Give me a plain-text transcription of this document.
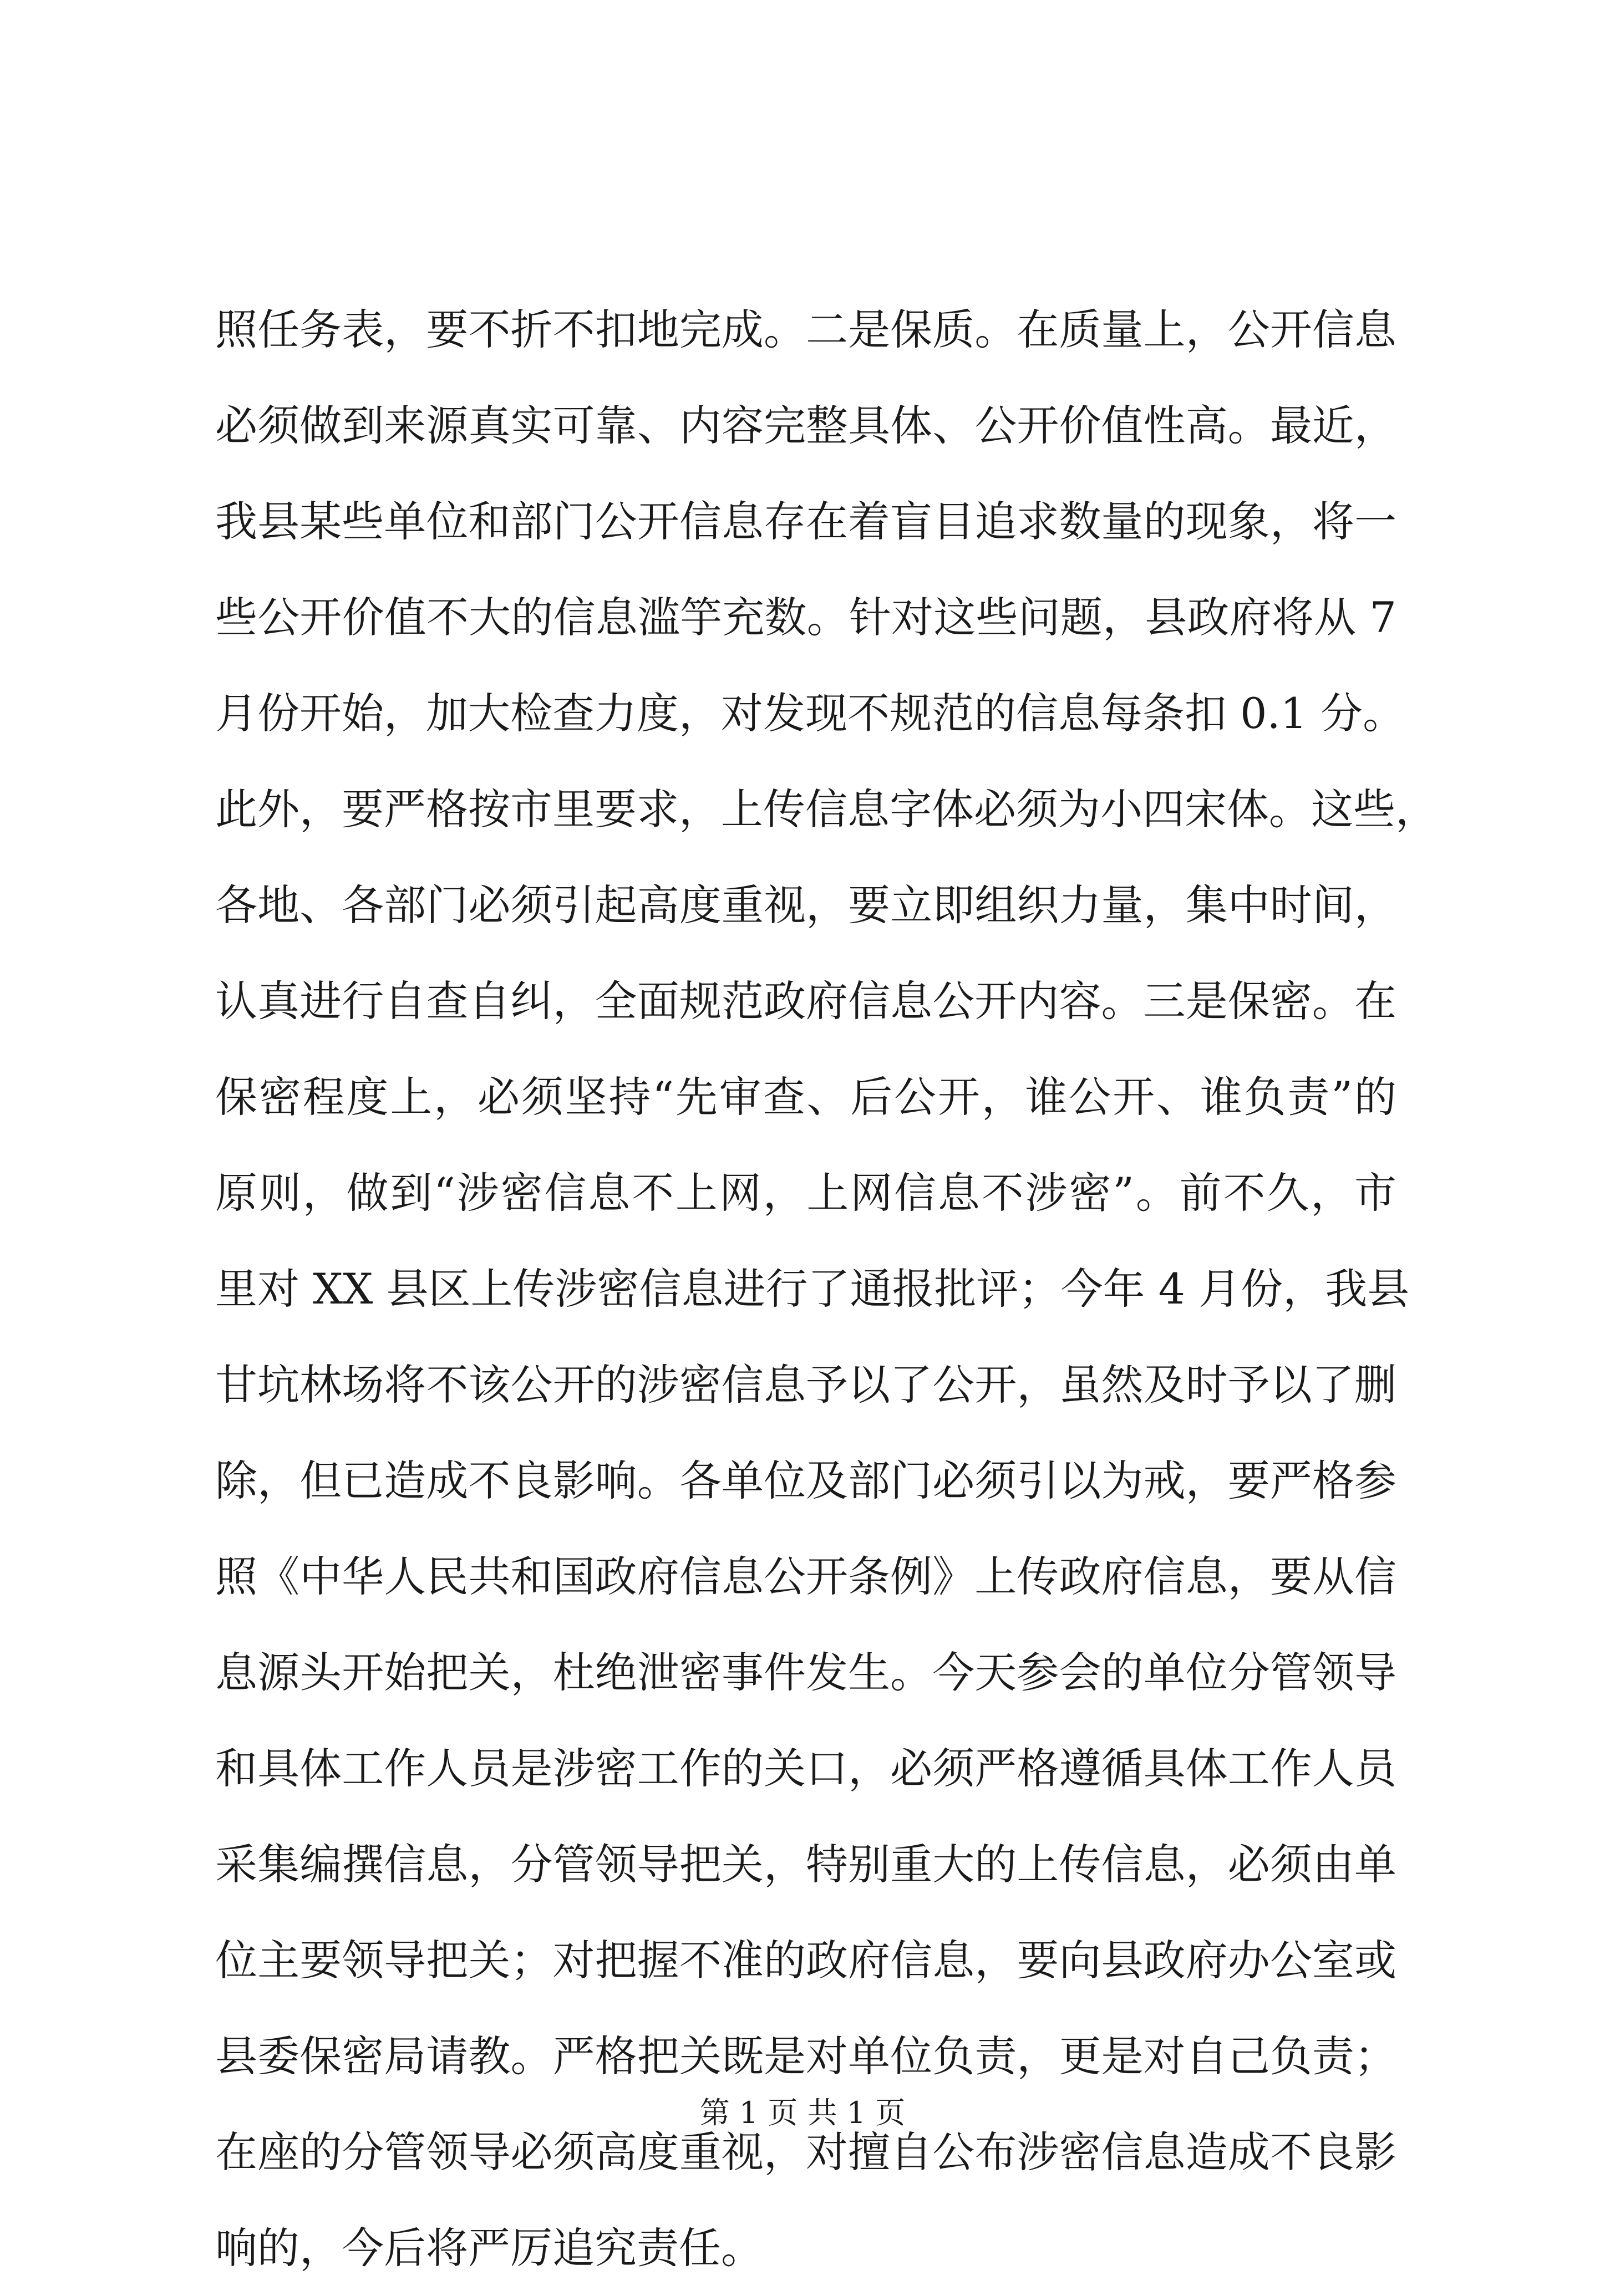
照任务表，要不折不扣地完成。二是保质。在质量上，公开信息
必须做到来源真实可靠、内容完整具体、公开价值性高。最近，
我县某些单位和部门公开信息存在着盲目追求数量的现象，将一
些公开价值不大的信息滥竽充数。针对这些问题，县政府将从 7
月份开始，加大检查力度，对发现不规范的信息每条扣 0.1 分。
此外，要严格按市里要求，上传信息字体必须为小四宋体。这些，
各地、各部门必须引起高度重视，要立即组织力量，集中时间，
认真进行自查自纠，全面规范政府信息公开内容。三是保密。在
保密程度上，必须坚持“先审查、后公开，谁公开、谁负责”的
原则，做到“涉密信息不上网，上网信息不涉密”。前不久，市
里对 XX 县区上传涉密信息进行了通报批评；今年 4 月份，我县
甘坑林场将不该公开的涉密信息予以了公开，虽然及时予以了删
除，但已造成不良影响。各单位及部门必须引以为戒，要严格参
照《中华人民共和国政府信息公开条例》上传政府信息，要从信
息源头开始把关，杜绝泄密事件发生。今天参会的单位分管领导
和具体工作人员是涉密工作的关口，必须严格遵循具体工作人员
采集编撰信息，分管领导把关，特别重大的上传信息，必须由单
位主要领导把关；对把握不准的政府信息，要向县政府办公室或
县委保密局请教。严格把关既是对单位负责，更是对自己负责；
在座的分管领导必须高度重视，对擅自公布涉密信息造成不良影
响的，今后将严厉追究责任。
第 1 页 共 1 页
